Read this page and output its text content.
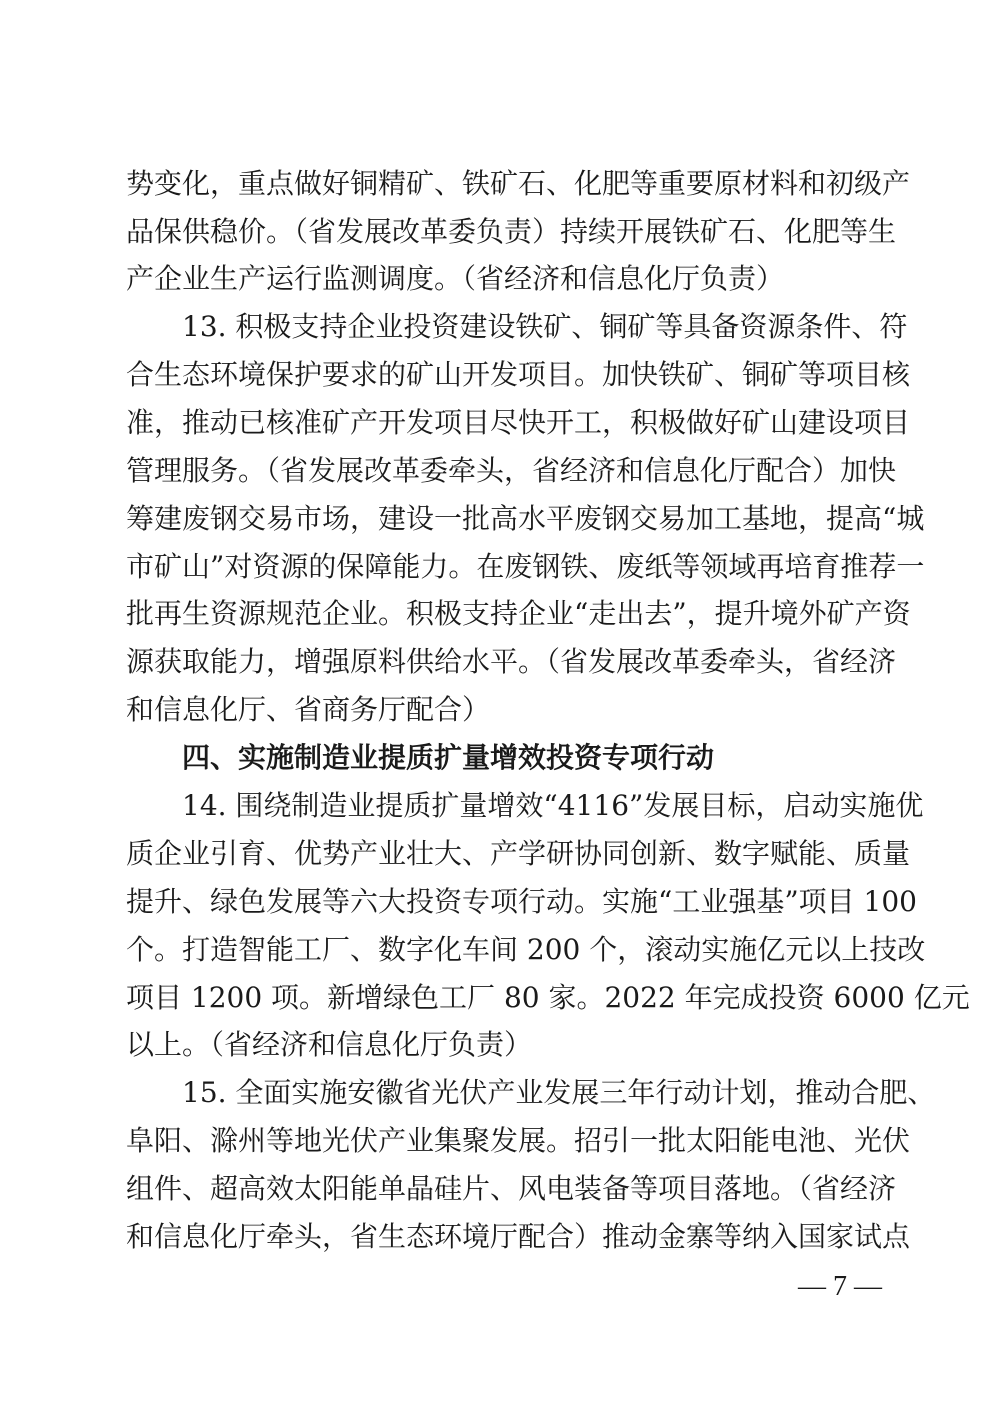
势变化，重点做好铜精矿、铁矿石、化肥等重要原材料和初级产
品保供稳价。（省发展改革委负责）持续开展铁矿石、化肥等生
产企业生产运行监测调度。（省经济和信息化厅负责）
13. 积极支持企业投资建设铁矿、铜矿等具备资源条件、符
合生态环境保护要求的矿山开发项目。加快铁矿、铜矿等项目核
准，推动已核准矿产开发项目尽快开工，积极做好矿山建设项目
管理服务。（省发展改革委牵头，省经济和信息化厅配合）加快
筹建废钢交易市场，建设一批高水平废钢交易加工基地，提高“城
市矿山”对资源的保障能力。在废钢铁、废纸等领域再培育推荐一
批再生资源规范企业。积极支持企业“走出去”，提升境外矿产资
源获取能力，增强原料供给水平。（省发展改革委牵头，省经济
和信息化厅、省商务厅配合）
四、实施制造业提质扩量增效投资专项行动
14. 围绕制造业提质扩量增效“4116”发展目标，启动实施优
质企业引育、优势产业壮大、产学研协同创新、数字赋能、质量
提升、绿色发展等六大投资专项行动。实施“工业强基”项目 100
个。打造智能工厂、数字化车间 200 个，滚动实施亿元以上技改
项目 1200 项。新增绿色工厂 80 家。2022 年完成投资 6000 亿元
以上。（省经济和信息化厅负责）
15. 全面实施安徽省光伏产业发展三年行动计划，推动合肥、
阜阳、滁州等地光伏产业集聚发展。招引一批太阳能电池、光伏
组件、超高效太阳能单晶硅片、风电装备等项目落地。（省经济
和信息化厅牵头，省生态环境厅配合）推动金寨等纳入国家试点
— 7 —
